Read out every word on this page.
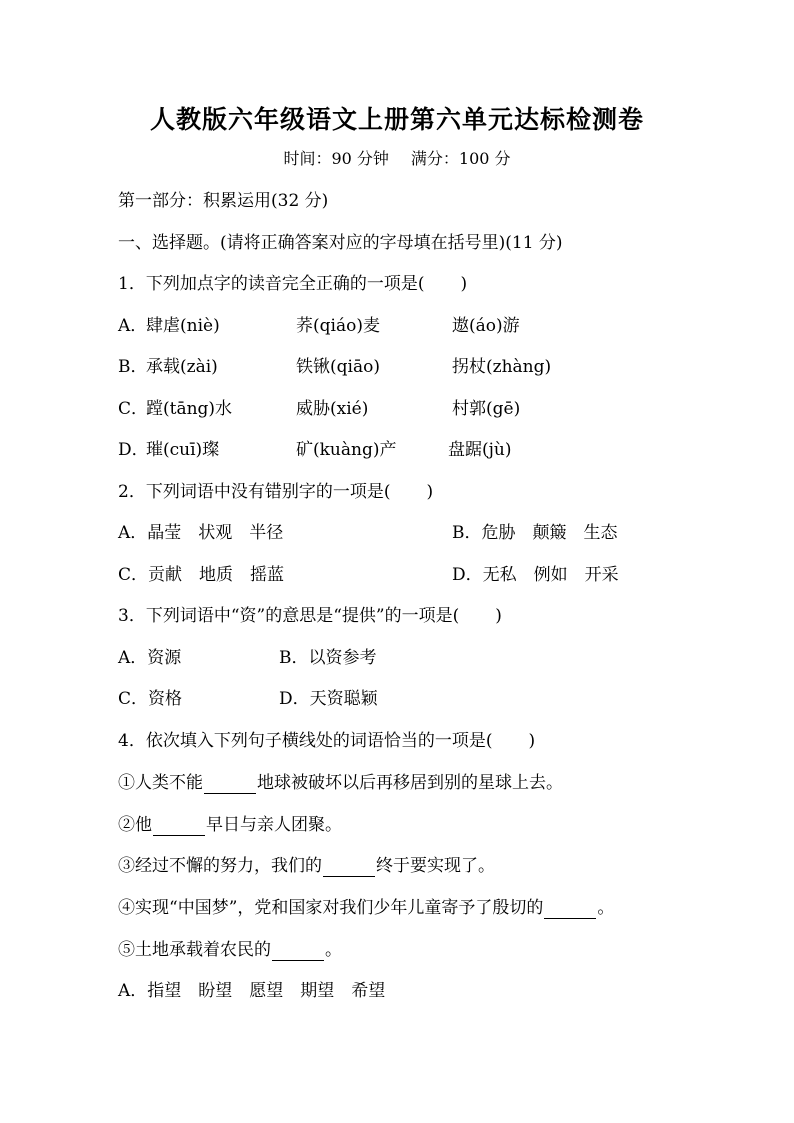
人教版六年级语文上册第六单元达标检测卷
时间：90 分钟 满分：100 分
第一部分：积累运用(32 分)
一、选择题。(请将正确答案对应的字母填在括号里)(11 分)
1．下列加点字的读音完全正确的一项是( )
A．
肆虐(niè)	荞(qiáo)麦	遨(áo)游
B．
承载(zài)	铁锹(qiāo)	拐杖(zhàng)
C．
蹚(tāng)水	威胁(xié)	村郭(gē)
D．
璀(cuī)璨	矿(kuàng)产	盘踞(jù)
2．下列词语中没有错别字的一项是( )
A．晶莹　状观　半径	B．危胁　颠簸　生态
C．贡献　地质　摇蓝	D．无私　例如　开采
3．下列词语中“资”的意思是“提供”的一项是( )
A．资源	B．以资参考
C．资格	D．天资聪颖
4．依次填入下列句子横线处的词语恰当的一项是( )
①人类不能	地球被破坏以后再移居到别的星球上去。
②他	早日与亲人团聚。
③经过不懈的努力，我们的	终于要实现了。
④实现“中国梦”，党和国家对我们少年儿童寄予了殷切的	。
⑤土地承载着农民的	。
A．指望　盼望　愿望　期望　希望
